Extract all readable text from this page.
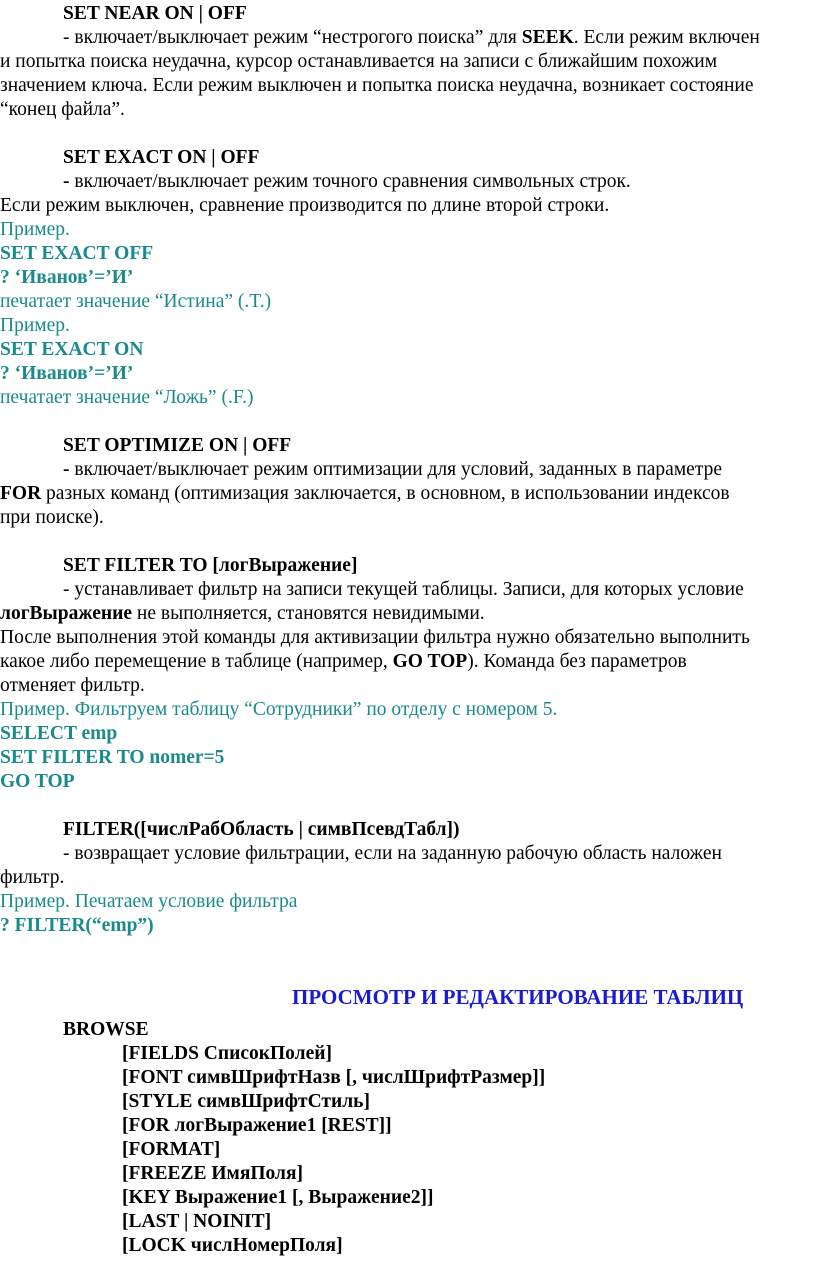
SET NEAR ON | OFF
- включает/выключает режим “нестрогого поиска” для SEEK. Если режим включен
и попытка поиска неудачна, курсор останавливается на записи с ближайшим похожим
значением ключа. Если режим выключен и попытка поиска неудачна, возникает состояние
“конец файла”.
SET EXACT ON | OFF
- включает/выключает режим точного сравнения символьных строк.
Если режим выключен, сравнение производится по длине второй строки.
Пример.
SET EXACT OFF
? ‘Иванов’=’И’
печатает значение “Истина” (.T.)
Пример.
SET EXACT ON
? ‘Иванов’=’И’
печатает значение “Ложь” (.F.)
SET OPTIMIZE ON | OFF
- включает/выключает режим оптимизации для условий, заданных в параметре
FOR разных команд (оптимизация заключается, в основном, в использовании индексов
при поиске).
SET FILTER TO [логВыражение]
- устанавливает фильтр на записи текущей таблицы. Записи, для которых условие
логВыражение не выполняется, становятся невидимыми.
После выполнения этой команды для активизации фильтра нужно обязательно выполнить
какое либо перемещение в таблице (например, GO TOP). Команда без параметров
отменяет фильтр.
Пример. Фильтруем таблицу “Сотрудники” по отделу с номером 5.
SELECT emp
SET FILTER TO nomer=5
GO TOP
FILTER([числРабОбласть | симвПсевдТабл])
- возвращает условие фильтрации, если на заданную рабочую область наложен
фильтр.
Пример. Печатаем условие фильтра
? FILTER(“emp”)
ПРОСМОТР И РЕДАКТИРОВАНИЕ ТАБЛИЦ
BROWSE
[FIELDS СписокПолей]
[FONT симвШрифтНазв [, числШрифтРазмер]]
[STYLE симвШрифтСтиль]
[FOR логВыражение1 [REST]]
[FORMAT]
[FREEZE ИмяПоля]
[KEY Выражение1 [, Выражение2]]
[LAST | NOINIT]
[LOCK числНомерПоля]
